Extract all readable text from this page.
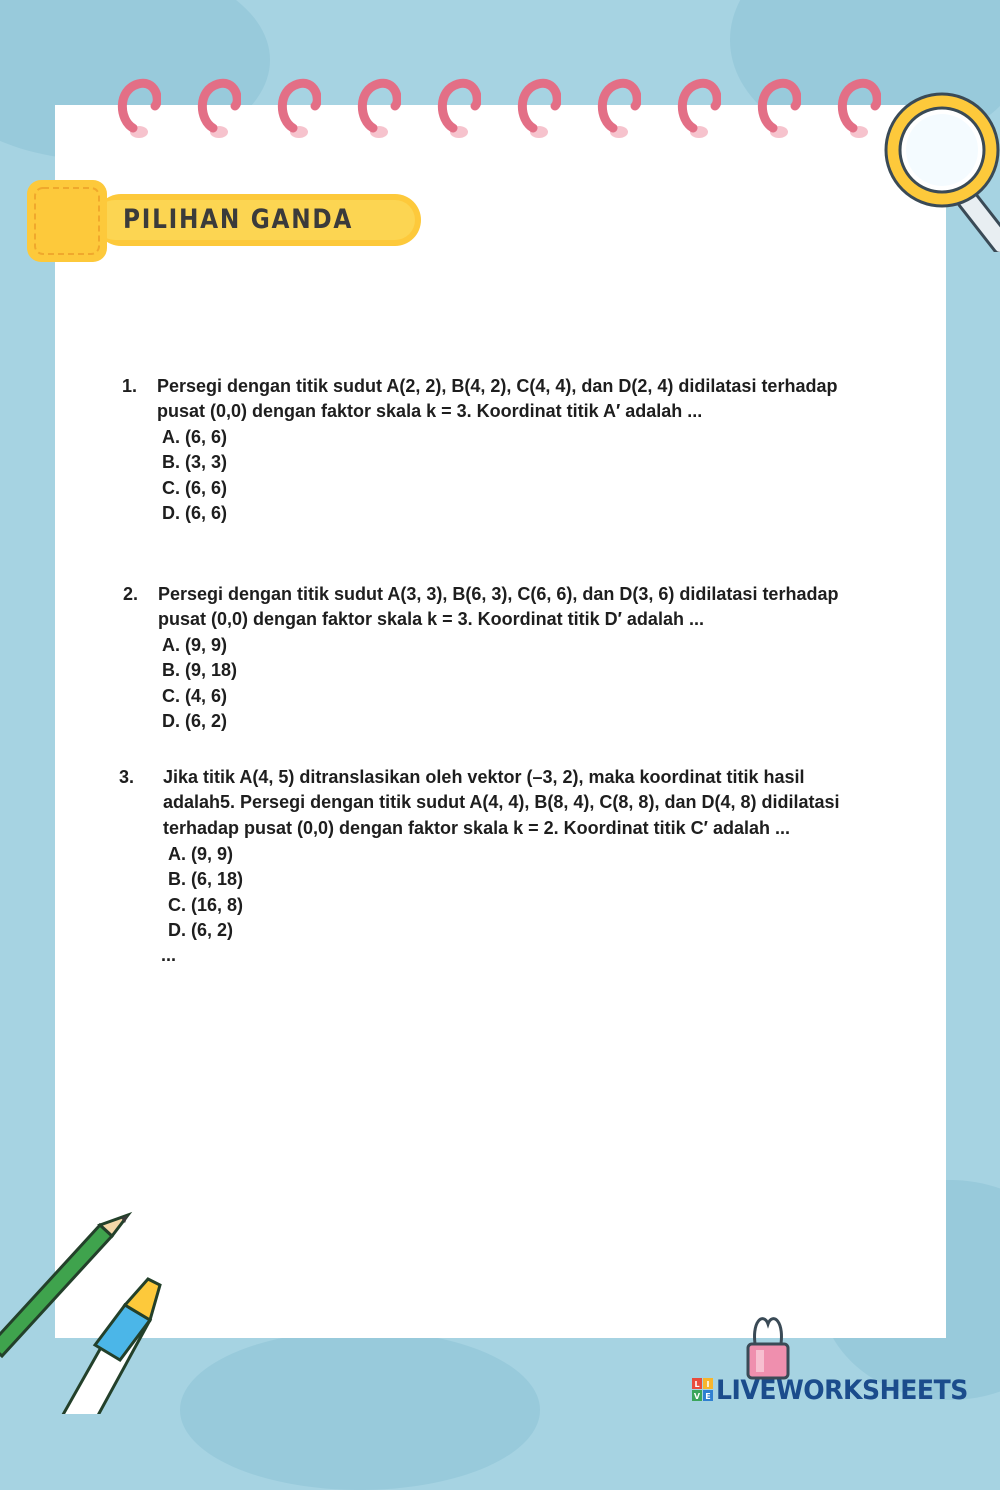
PILIHAN GANDA
1. Persegi dengan titik sudut A(2, 2), B(4, 2), C(4, 4), dan D(2, 4) didilatasi terhadap
pusat (0,0) dengan faktor skala k = 3. Koordinat titik A′ adalah ...
A. (6, 6)
B. (3, 3)
C. (6, 6)
D. (6, 6)
2. Persegi dengan titik sudut A(3, 3), B(6, 3), C(6, 6), dan D(3, 6) didilatasi terhadap
pusat (0,0) dengan faktor skala k = 3. Koordinat titik D′ adalah ...
A. (9, 9)
B. (9, 18)
C. (4, 6)
D. (6, 2)
3. Jika titik A(4, 5) ditranslasikan oleh vektor (–3, 2), maka koordinat titik hasil
adalah5. Persegi dengan titik sudut A(4, 4), B(8, 4), C(8, 8), dan D(4, 8) didilatasi
terhadap pusat (0,0) dengan faktor skala k = 2. Koordinat titik C′ adalah ...
A. (9, 9)
B. (6, 18)
C. (16, 8)
D. (6, 2)
...
L I
V E LIVEWORKSHEETS
